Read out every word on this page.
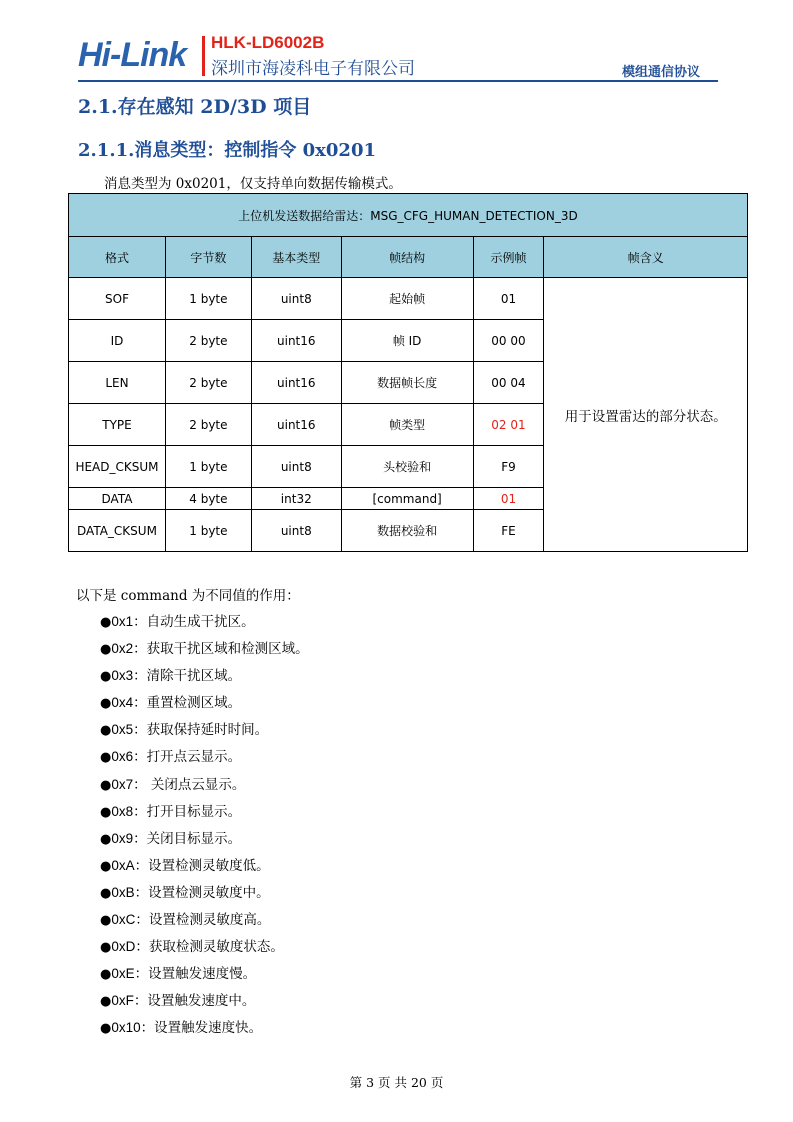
Hi-Link HLK-LD6002B
深圳市海凌科电子有限公司	模组通信协议
2.1.存在感知 2D/3D 项目
2.1.1.消息类型：控制指令 0x0201
消息类型为 0x0201，仅支持单向数据传输模式。
上位机发送数据给雷达：MSG_CFG_HUMAN_DETECTION_3D					
格式	字节数	基本类型	帧结构	示例帧	帧含义
SOF	1 byte	uint8	起始帧	01	用于设置雷达的部分状态。
ID	2 byte	uint16	帧 ID	00 00	
LEN	2 byte	uint16	数据帧长度	00 04	
TYPE	2 byte	uint16	帧类型	02 01	
HEAD_CKSUM	1 byte	uint8	头校验和	F9	
DATA	4 byte	int32	[command]	01	
DATA_CKSUM	1 byte	uint8	数据校验和	FE	
以下是 command 为不同值的作用：
●0x1：自动生成干扰区。
●0x2：获取干扰区域和检测区域。
●0x3：清除干扰区域。
●0x4：重置检测区域。
●0x5：获取保持延时时间。
●0x6：打开点云显示。
●0x7： 关闭点云显示。
●0x8：打开目标显示。
●0x9：关闭目标显示。
●0xA：设置检测灵敏度低。
●0xB：设置检测灵敏度中。
●0xC：设置检测灵敏度高。
●0xD：获取检测灵敏度状态。
●0xE：设置触发速度慢。
●0xF：设置触发速度中。
●0x10：设置触发速度快。
第 3 页 共 20 页
